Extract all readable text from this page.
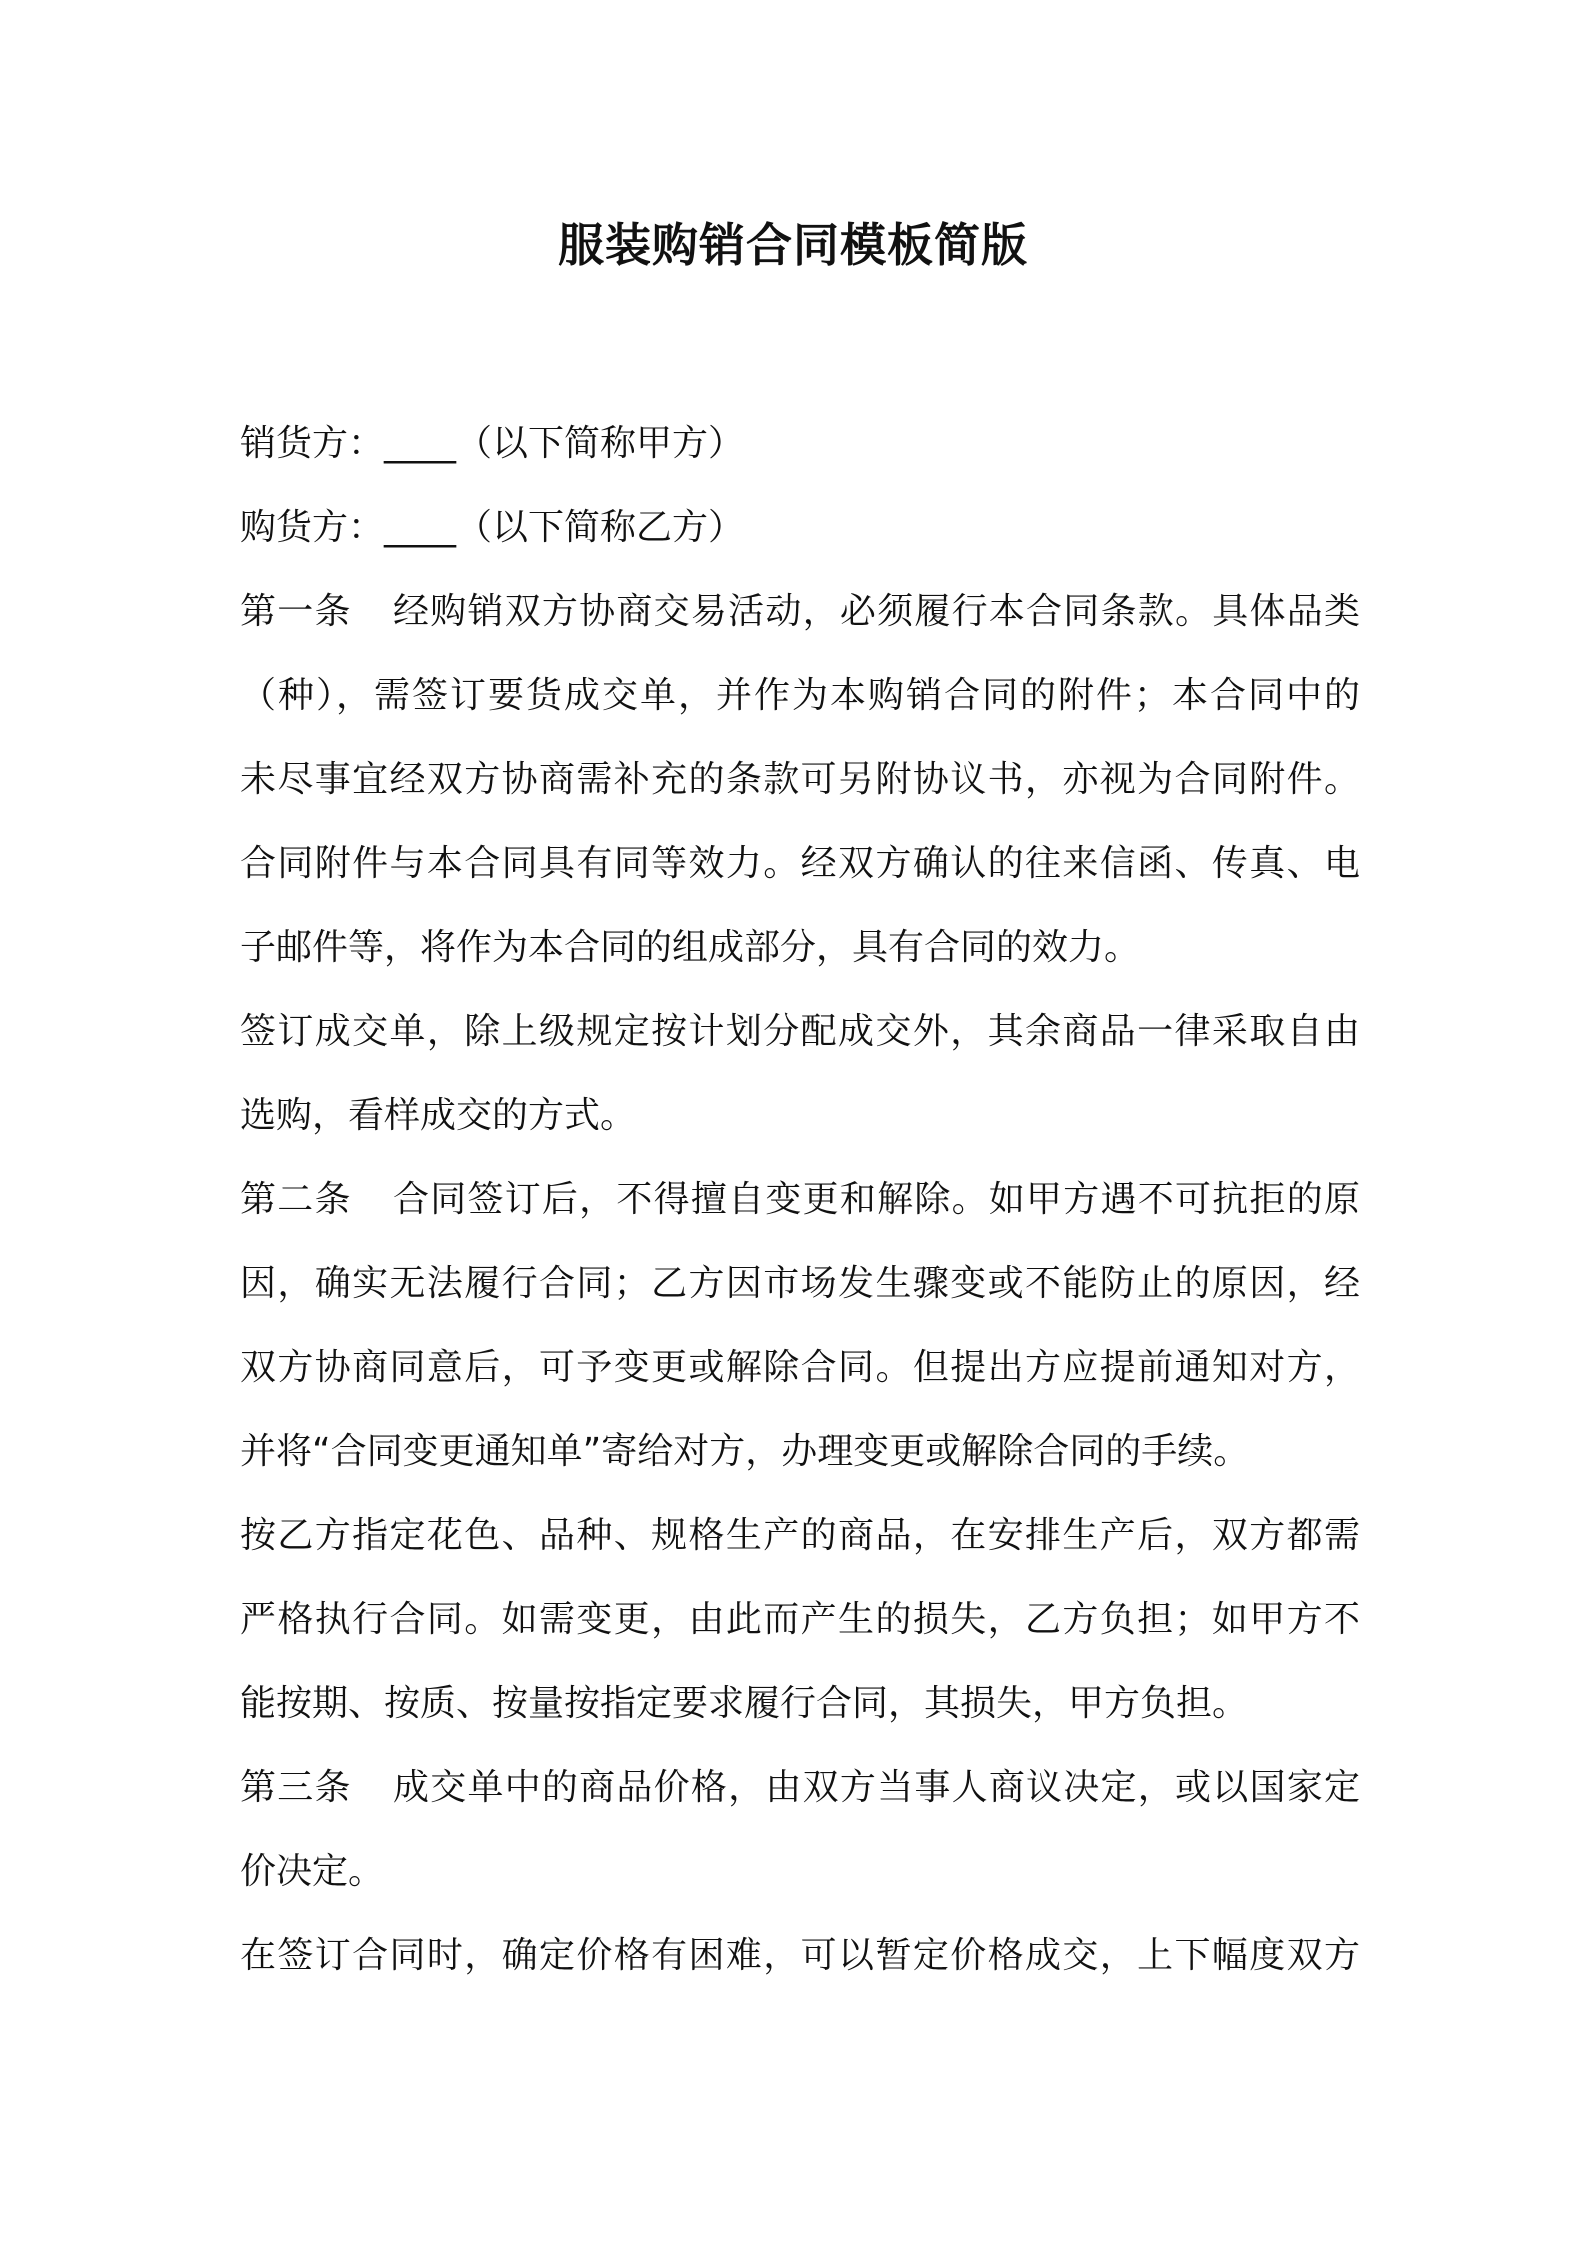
服装购销合同模板简版

销货方：____（以下简称甲方）

购货方：____（以下简称乙方）

第一条 经购销双方协商交易活动，必须履行本合同条款。具体品类

（种），需签订要货成交单，并作为本购销合同的附件；本合同中的

未尽事宜经双方协商需补充的条款可另附协议书，亦视为合同附件。

合同附件与本合同具有同等效力。经双方确认的往来信函、传真、电

子邮件等，将作为本合同的组成部分，具有合同的效力。

签订成交单，除上级规定按计划分配成交外，其余商品一律采取自由

选购，看样成交的方式。

第二条 合同签订后，不得擅自变更和解除。如甲方遇不可抗拒的原

因，确实无法履行合同；乙方因市场发生骤变或不能防止的原因，经

双方协商同意后，可予变更或解除合同。但提出方应提前通知对方，

并将“合同变更通知单”寄给对方，办理变更或解除合同的手续。

按乙方指定花色、品种、规格生产的商品，在安排生产后，双方都需

严格执行合同。如需变更，由此而产生的损失，乙方负担；如甲方不

能按期、按质、按量按指定要求履行合同，其损失，甲方负担。

第三条 成交单中的商品价格，由双方当事人商议决定，或以国家定

价决定。

在签订合同时，确定价格有困难，可以暂定价格成交，上下幅度双方
